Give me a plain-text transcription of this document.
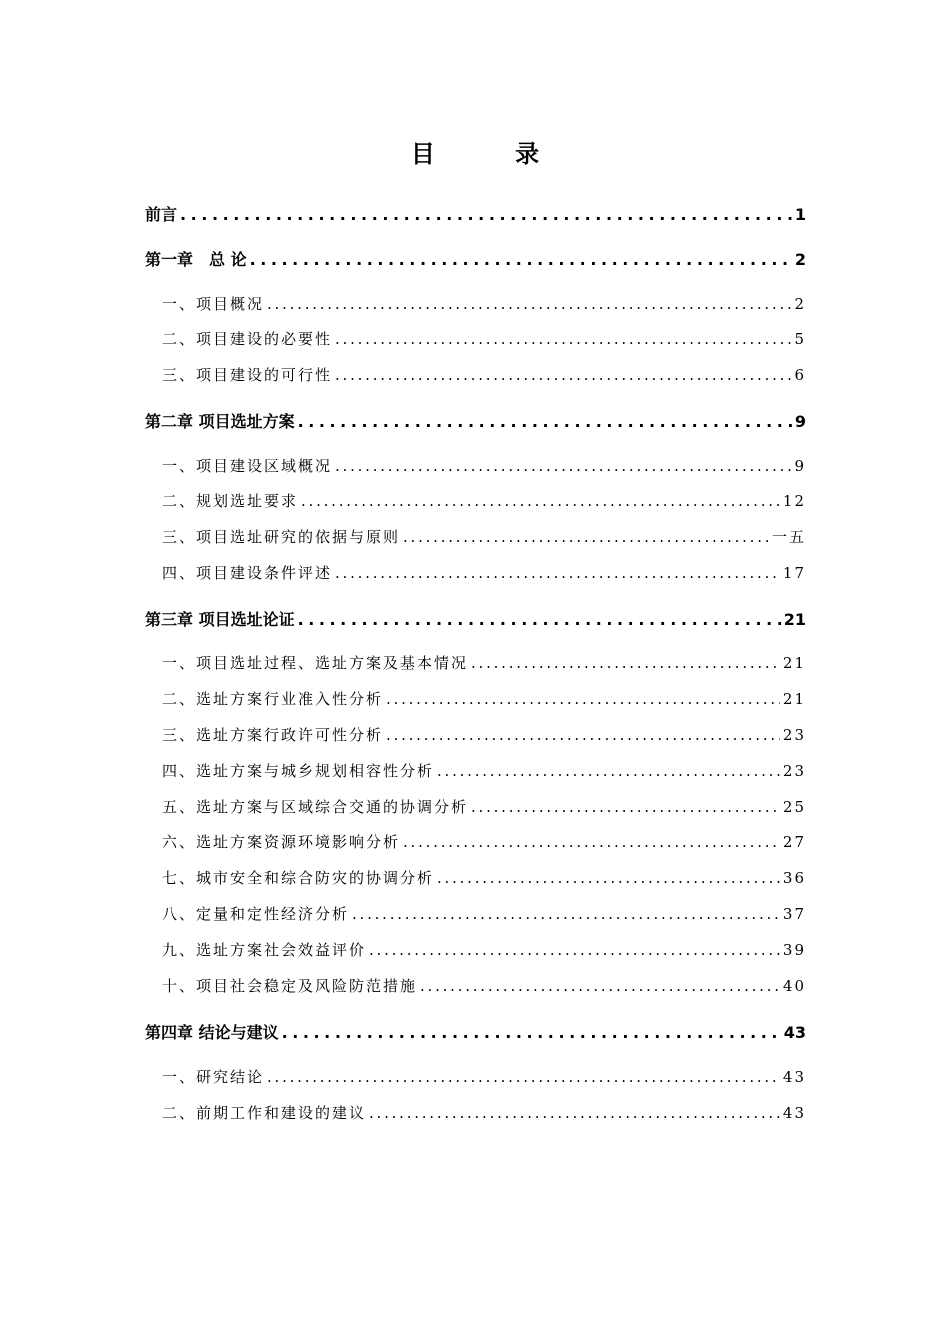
目 录
前言 . . .	1
第一章　总 论 . . .	2
一、项目概况 . . .	2
二、项目建设的必要性 . . .	5
三、项目建设的可行性 . . .	6
第二章 项目选址方案 . . .	9
一、项目建设区域概况 . . .	9
二、规划选址要求 . . .	12
三、项目选址研究的依据与原则 . . .	一五
四、项目建设条件评述 . . .	17
第三章 项目选址论证 . . .	21
一、项目选址过程、选址方案及基本情况 . . .	21
二、选址方案行业准入性分析 . . .	21
三、选址方案行政许可性分析 . . .	23
四、选址方案与城乡规划相容性分析 . . .	23
五、选址方案与区域综合交通的协调分析 . . .	25
六、选址方案资源环境影响分析 . . .	27
七、城市安全和综合防灾的协调分析 . . .	36
八、定量和定性经济分析 . . .	37
九、选址方案社会效益评价 . . .	39
十、项目社会稳定及风险防范措施 . . .	40
第四章 结论与建议 . . .	43
一、研究结论 . . .	43
二、前期工作和建设的建议 . . .	43
